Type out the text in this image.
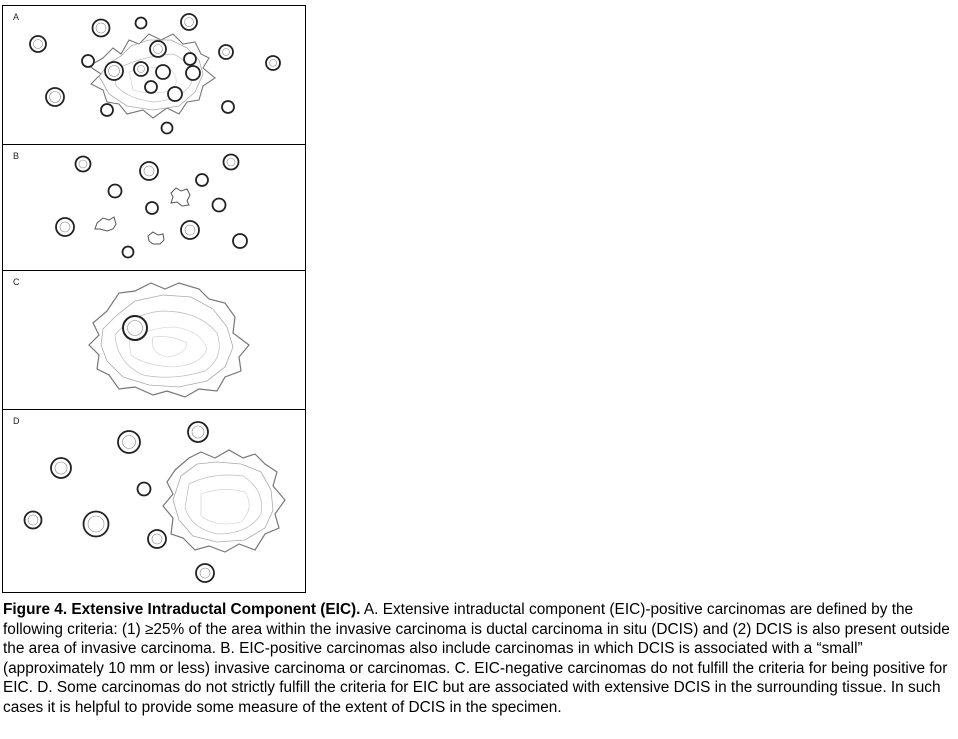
A
B
C
D
Figure 4. Extensive Intraductal Component (EIC). A. Extensive intraductal component (EIC)-positive carcinomas are defined by the following criteria: (1) ≥25% of the area within the invasive carcinoma is ductal carcinoma in situ (DCIS) and (2) DCIS is also present outside the area of invasive carcinoma. B. EIC-positive carcinomas also include carcinomas in which DCIS is associated with a “small” (approximately 10 mm or less) invasive carcinoma or carcinomas. C. EIC-negative carcinomas do not fulfill the criteria for being positive for EIC. D. Some carcinomas do not strictly fulfill the criteria for EIC but are associated with extensive DCIS in the surrounding tissue. In such cases it is helpful to provide some measure of the extent of DCIS in the specimen.
